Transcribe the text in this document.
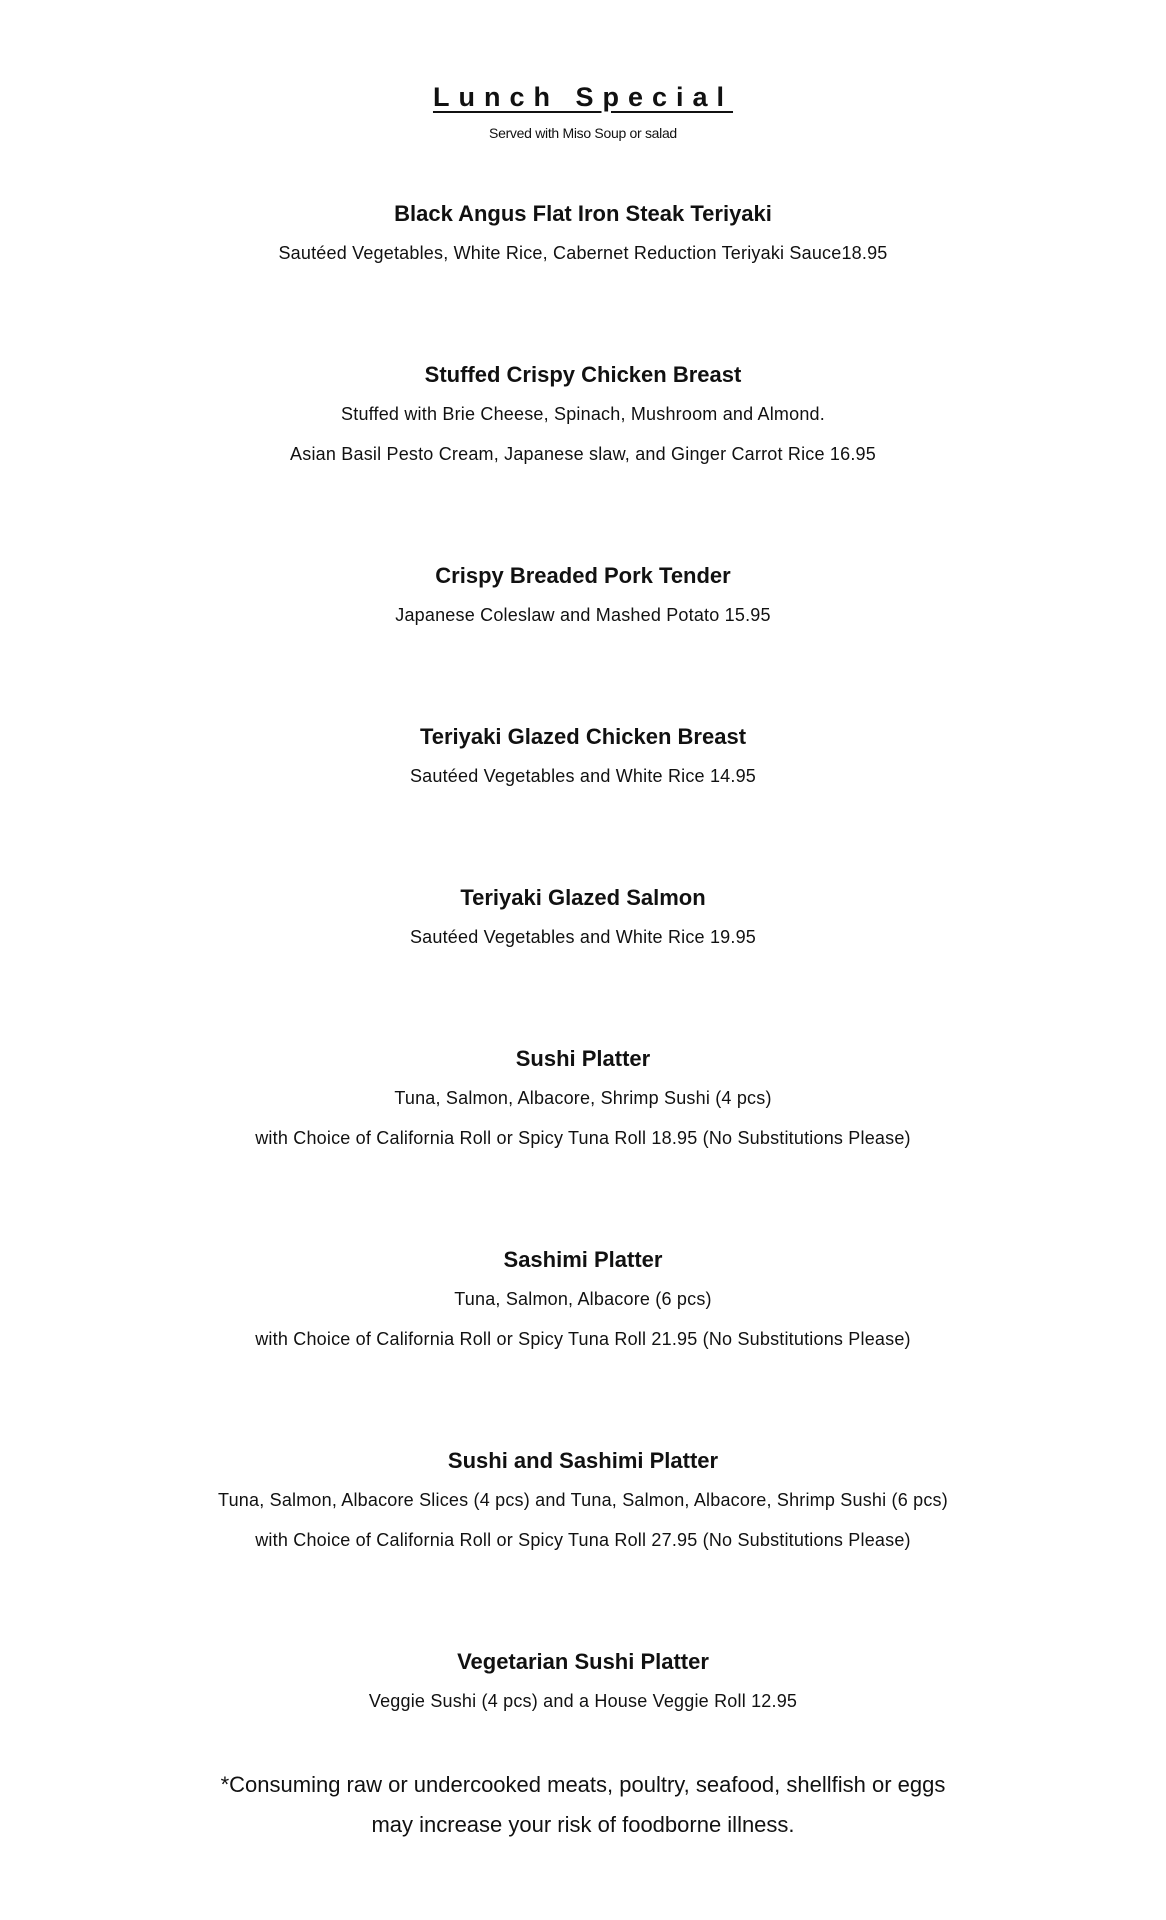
Lunch Special
Served with Miso Soup or salad
Black Angus Flat Iron Steak Teriyaki
Sautéed Vegetables, White Rice, Cabernet Reduction Teriyaki Sauce18.95
Stuffed Crispy Chicken Breast
Stuffed with Brie Cheese, Spinach, Mushroom and Almond.
Asian Basil Pesto Cream, Japanese slaw, and Ginger Carrot Rice 16.95
Crispy Breaded Pork Tender
Japanese Coleslaw and Mashed Potato 15.95
Teriyaki Glazed Chicken Breast
Sautéed Vegetables and White Rice 14.95
Teriyaki Glazed Salmon
Sautéed Vegetables and White Rice 19.95
Sushi Platter
Tuna, Salmon, Albacore, Shrimp Sushi (4 pcs)
with Choice of California Roll or Spicy Tuna Roll 18.95 (No Substitutions Please)
Sashimi Platter
Tuna, Salmon, Albacore (6 pcs)
with Choice of California Roll or Spicy Tuna Roll 21.95 (No Substitutions Please)
Sushi and Sashimi Platter
Tuna, Salmon, Albacore Slices (4 pcs) and Tuna, Salmon, Albacore, Shrimp Sushi (6 pcs)
with Choice of California Roll or Spicy Tuna Roll 27.95 (No Substitutions Please)
Vegetarian Sushi Platter
Veggie Sushi (4 pcs) and a House Veggie Roll 12.95
*Consuming raw or undercooked meats, poultry, seafood, shellfish or eggs
may increase your risk of foodborne illness.
